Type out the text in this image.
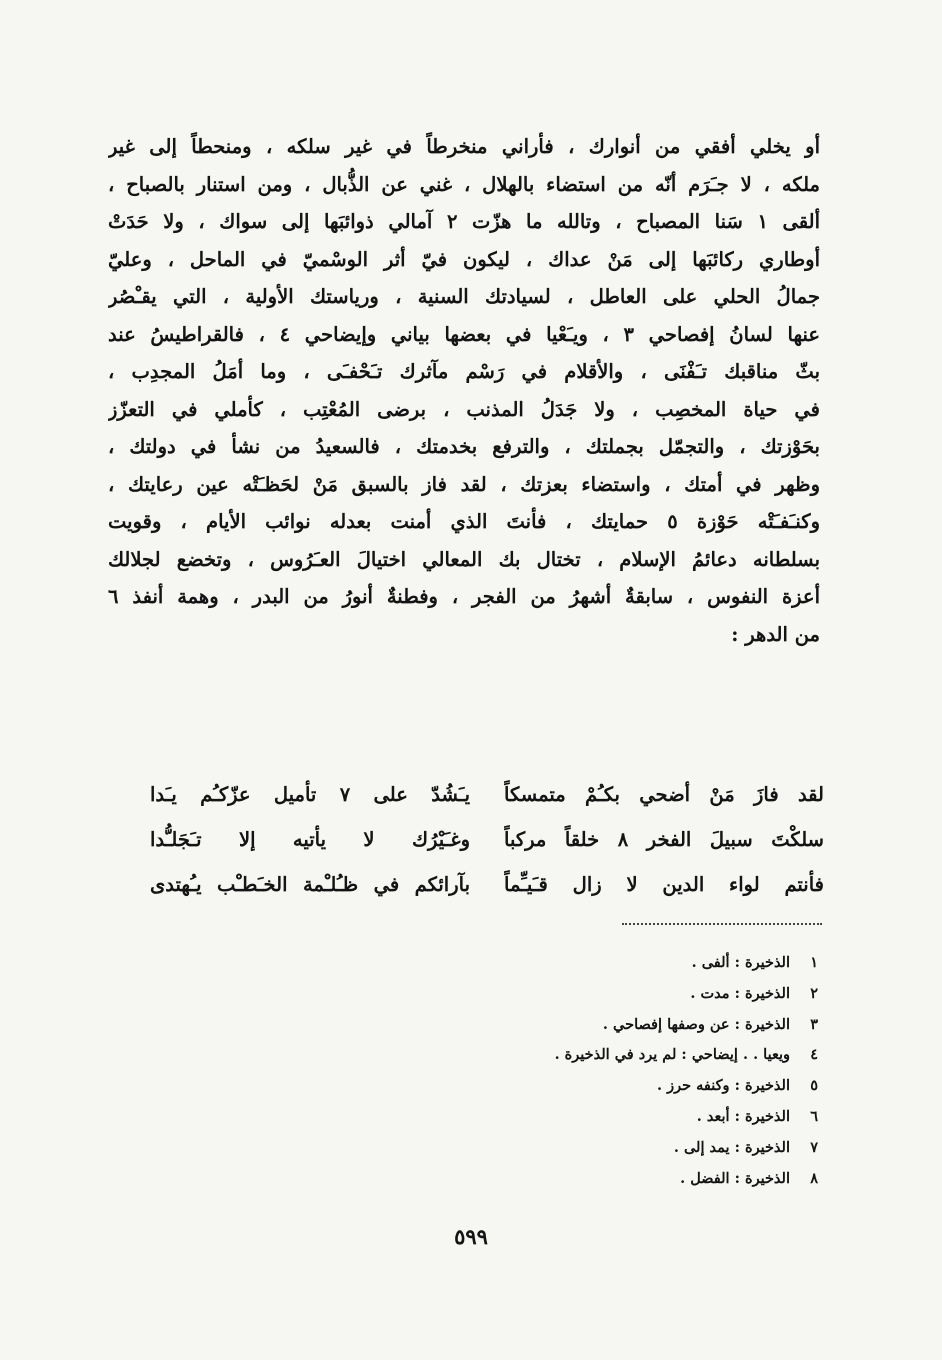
أو يخلي أفقي من أنوارك ، فأراني منخرطاً في غير سلكه ، ومنحطاً إلى غير
ملكه ، لا جـَرَم أنّه من استضاء بالهلال ، غني عن الذُّبال ، ومن استنار بالصباح ،
ألقى ١ سَنا المصباح ، وتالله ما هزّت ٢ آمالي ذوائبَها إلى سواك ، ولا حَدَتْ
أوطاري ركائبَها إلى مَنْ عداك ، ليكون فيّ أثر الوسْميّ في الماحل ، وعليّ
جمالُ الحلي على العاطل ، لسيادتك السنية ، ورياستك الأولية ، التي يقـْصُر
عنها لسانُ إفصاحي ٣ ، ويـَعْيا في بعضها بياني وإيضاحي ٤ ، فالقراطيسُ عند
بثّ مناقبك تـَفْنَى ، والأقلام في رَسْم مآثرك تـَحْفـَى ، وما أمَلُ المجدِب ،
في حياة المخصِب ، ولا جَدَلُ المذنب ، برضى المُعْتِب ، كأملي في التعزّز
بحَوْزتك ، والتجمّل بجملتك ، والترفع بخدمتك ، فالسعيدُ من نشأ في دولتك ،
وظهر في أمتك ، واستضاء بعزتك ، لقد فاز بالسبق مَنْ لحَظـَتْه عين رعايتك ،
وكنـَفـَتْه حَوْزة ٥ حمايتك ، فأنتَ الذي أمنت بعدله نوائب الأيام ، وقويت
بسلطانه دعائمُ الإسلام ، تختال بك المعالي اختيالَ العـَرُوس ، وتخضع لجلالك
أعزة النفوس ، سابقةٌ أشهرُ من الفجر ، وفطنةٌ أنورُ من البدر ، وهمة أنفذ ٦
من الدهر :
لقد فازَ مَنْ أضحي بكـُمْ متمسكاً
يـَشُدّ على ٧ تأميل عزّكـُم يـَدا
سلكْتَ سبيلَ الفخر ٨ خلقاً مركباً
وغـَيْرُك لا يأتيه إلا تـَجَلـُّدا
فأنتم لواء الدين لا زال قـَيـِّماً
بآرائكم في ظـُلـْمة الخـَطـْب يـُهتدى
١
الذخيرة : ألفى .
٢
الذخيرة : مدت .
٣
الذخيرة : عن وصفها إفصاحي .
٤
ويعيا . . إيضاحي : لم يرد في الذخيرة .
٥
الذخيرة : وكنفه حرز .
٦
الذخيرة : أبعد .
٧
الذخيرة : يمد إلى .
٨
الذخيرة : الفضل .
٥٩٩
